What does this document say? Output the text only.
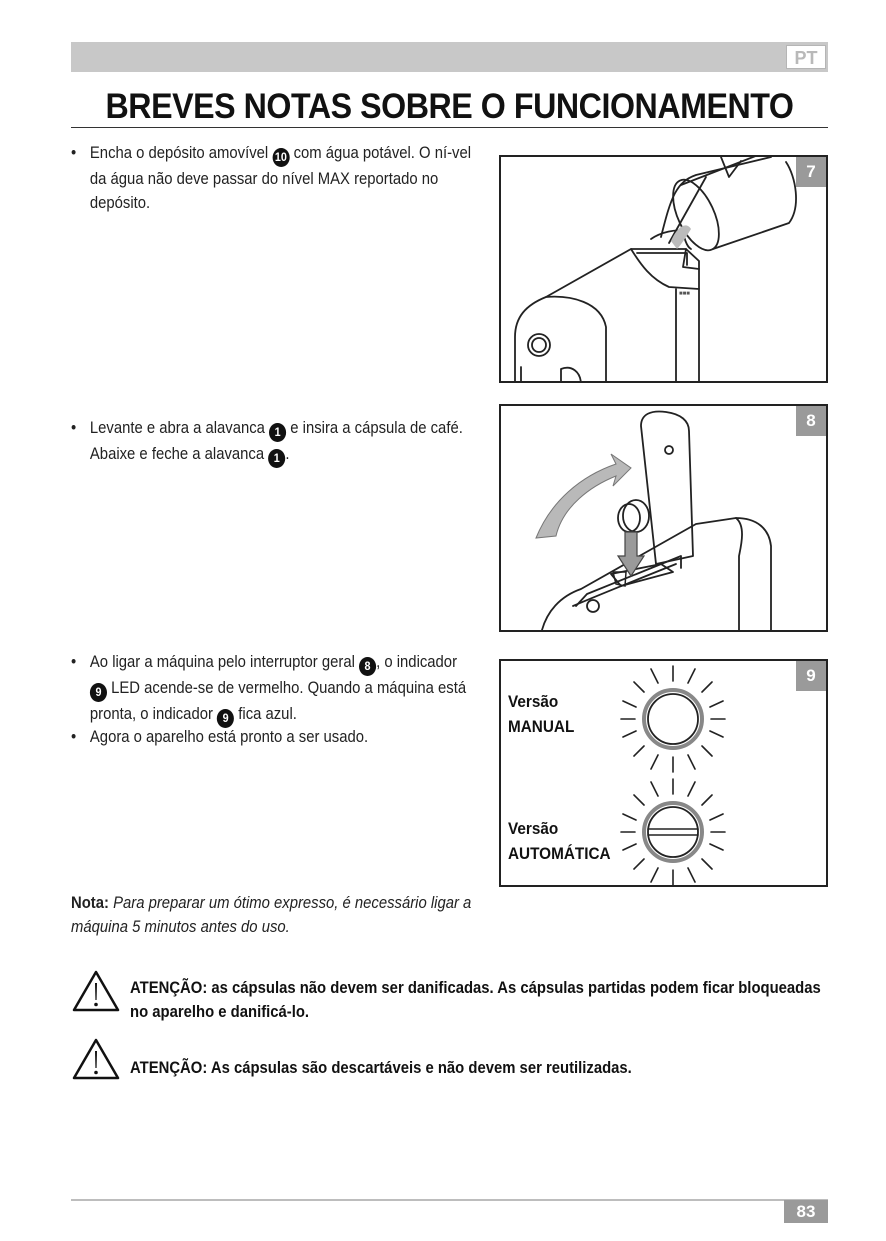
PT
BREVES NOTAS SOBRE O FUNCIONAMENTO
• Encha o depósito amovível 10 com água potável. O ní-vel da água não deve passar do nível MAX reportado no depósito.
■■■
7
• Levante e abra a alavanca 1 e insira a cápsula de café. Abaixe e feche a alavanca 1 .
8
• Ao ligar a máquina pelo interruptor geral 8 , o indicador 9 LED acende-se de vermelho. Quando a máquina está pronta, o indicador 9 fica azul.
• Agora o aparelho está pronto a ser usado.
Versão
MANUAL
Versão
AUTOMÁTICA
9
Nota: Para preparar um ótimo expresso, é necessário ligar a máquina 5 minutos antes do uso.
ATENÇÃO: as cápsulas não devem ser danificadas. As cápsulas partidas podem ficar bloqueadas no aparelho e danificá-lo.
ATENÇÃO: As cápsulas são descartáveis e não devem ser reutilizadas.
83
